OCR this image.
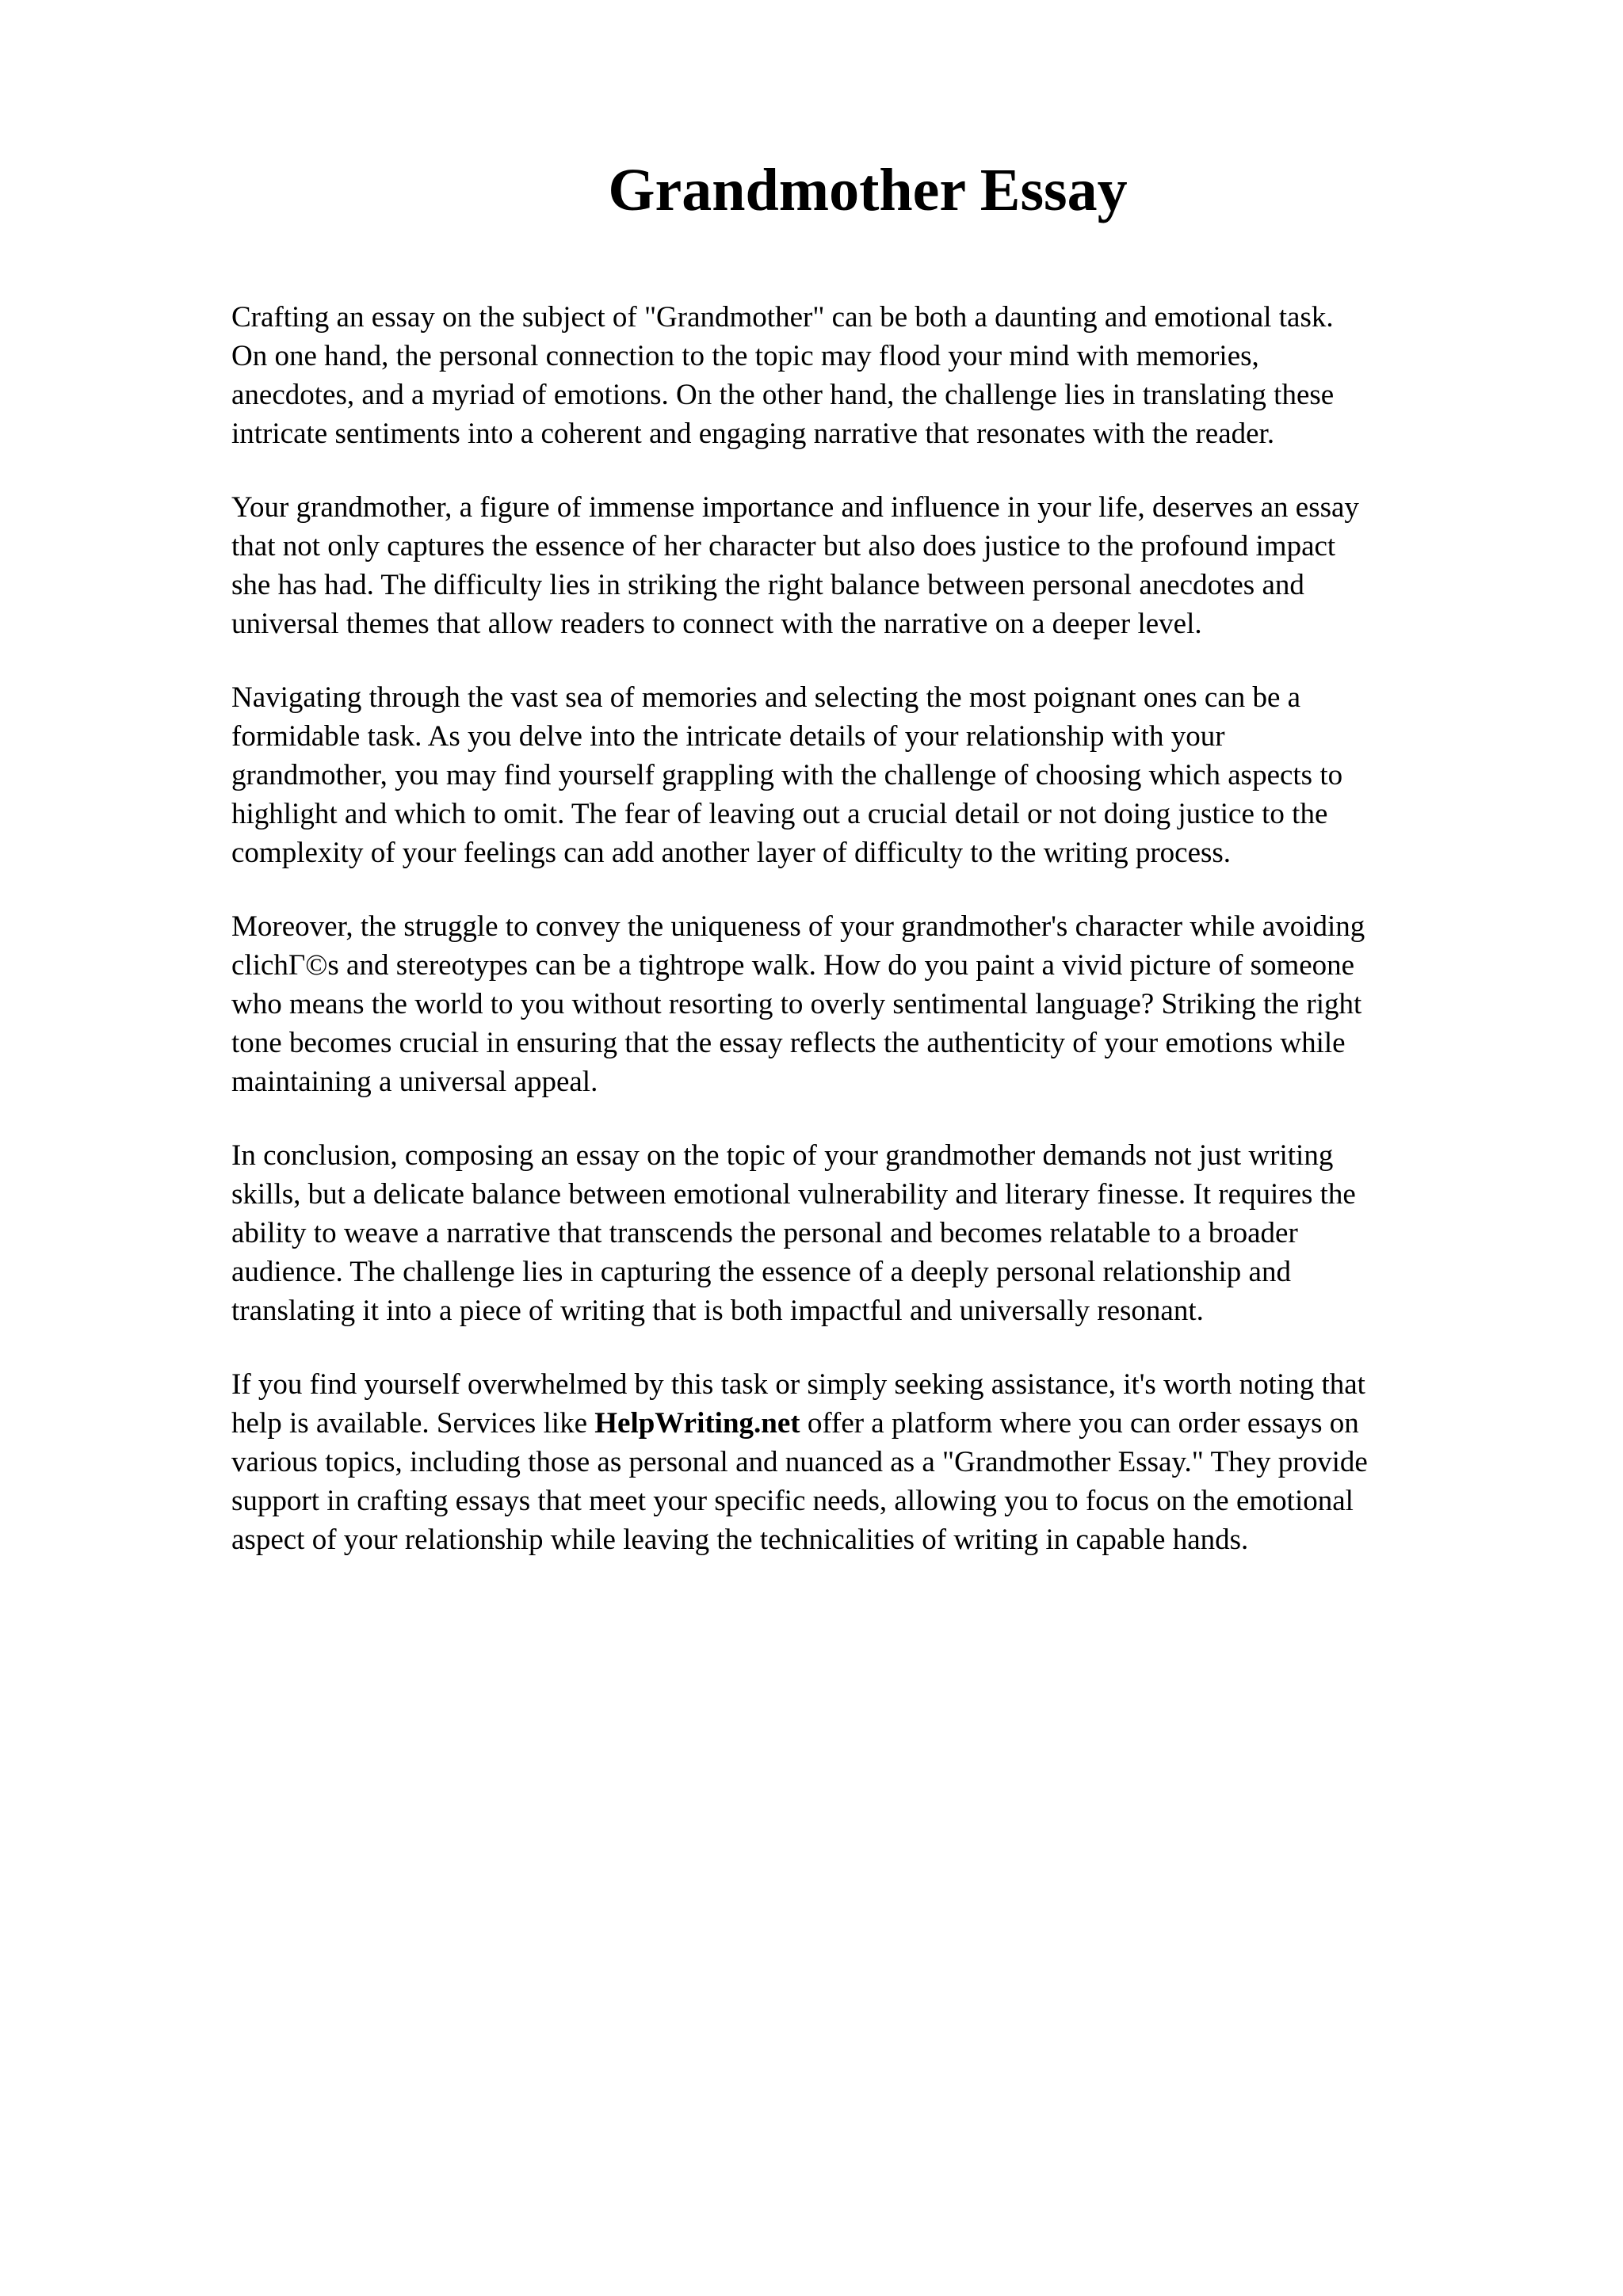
Grandmother Essay

Crafting an essay on the subject of "Grandmother" can be both a daunting and emotional task.
On one hand, the personal connection to the topic may flood your mind with memories,
anecdotes, and a myriad of emotions. On the other hand, the challenge lies in translating these
intricate sentiments into a coherent and engaging narrative that resonates with the reader.

Your grandmother, a figure of immense importance and influence in your life, deserves an essay
that not only captures the essence of her character but also does justice to the profound impact
she has had. The difficulty lies in striking the right balance between personal anecdotes and
universal themes that allow readers to connect with the narrative on a deeper level.

Navigating through the vast sea of memories and selecting the most poignant ones can be a
formidable task. As you delve into the intricate details of your relationship with your
grandmother, you may find yourself grappling with the challenge of choosing which aspects to
highlight and which to omit. The fear of leaving out a crucial detail or not doing justice to the
complexity of your feelings can add another layer of difficulty to the writing process.

Moreover, the struggle to convey the uniqueness of your grandmother's character while avoiding
clichΓ©s and stereotypes can be a tightrope walk. How do you paint a vivid picture of someone
who means the world to you without resorting to overly sentimental language? Striking the right
tone becomes crucial in ensuring that the essay reflects the authenticity of your emotions while
maintaining a universal appeal.

In conclusion, composing an essay on the topic of your grandmother demands not just writing
skills, but a delicate balance between emotional vulnerability and literary finesse. It requires the
ability to weave a narrative that transcends the personal and becomes relatable to a broader
audience. The challenge lies in capturing the essence of a deeply personal relationship and
translating it into a piece of writing that is both impactful and universally resonant.

If you find yourself overwhelmed by this task or simply seeking assistance, it's worth noting that
help is available. Services like HelpWriting.net offer a platform where you can order essays on
various topics, including those as personal and nuanced as a "Grandmother Essay." They provide
support in crafting essays that meet your specific needs, allowing you to focus on the emotional
aspect of your relationship while leaving the technicalities of writing in capable hands.
